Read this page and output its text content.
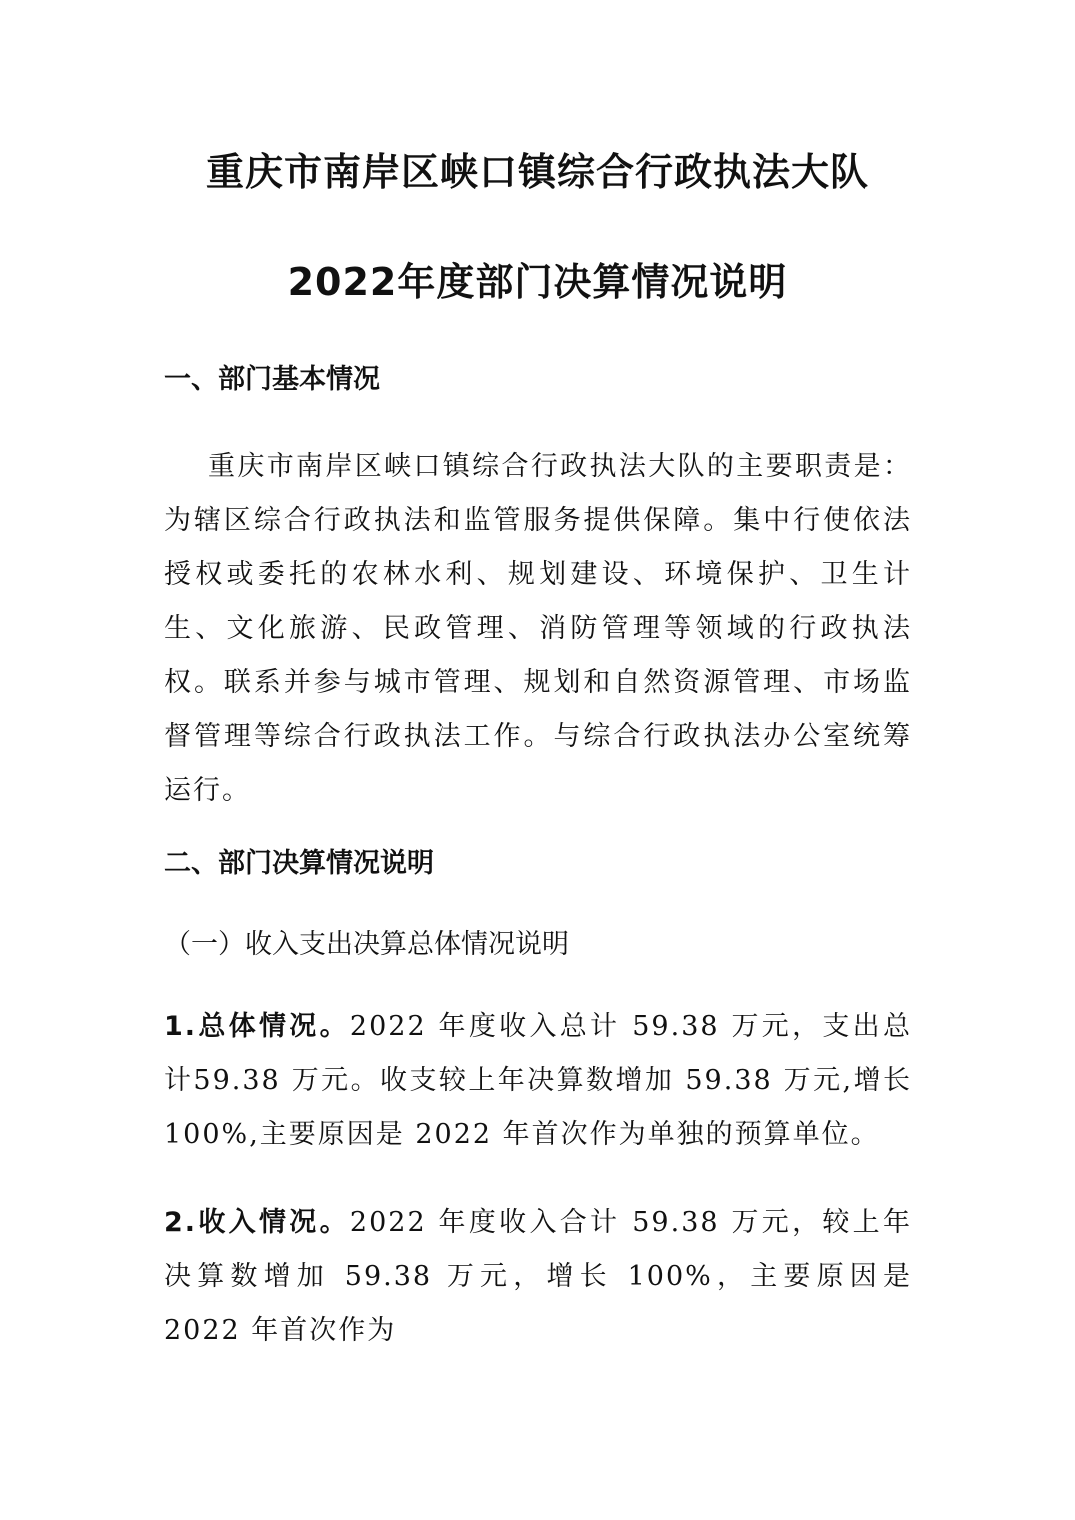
重庆市南岸区峡口镇综合行政执法大队
2022年度部门决算情况说明
一、部门基本情况
重庆市南岸区峡口镇综合行政执法大队的主要职责是：为辖区综合行政执法和监管服务提供保障。集中行使依法授权或委托的农林水利、规划建设、环境保护、卫生计生、文化旅游、民政管理、消防管理等领域的行政执法权。联系并参与城市管理、规划和自然资源管理、市场监督管理等综合行政执法工作。与综合行政执法办公室统筹运行。
二、部门决算情况说明
（一）收入支出决算总体情况说明
1.总体情况。2022 年度收入总计 59.38 万元，支出总计59.38 万元。收支较上年决算数增加 59.38 万元,增长 100%,主要原因是 2022 年首次作为单独的预算单位。
2.收入情况。2022 年度收入合计 59.38 万元，较上年决算数增加 59.38 万元，增长 100%，主要原因是 2022 年首次作为
